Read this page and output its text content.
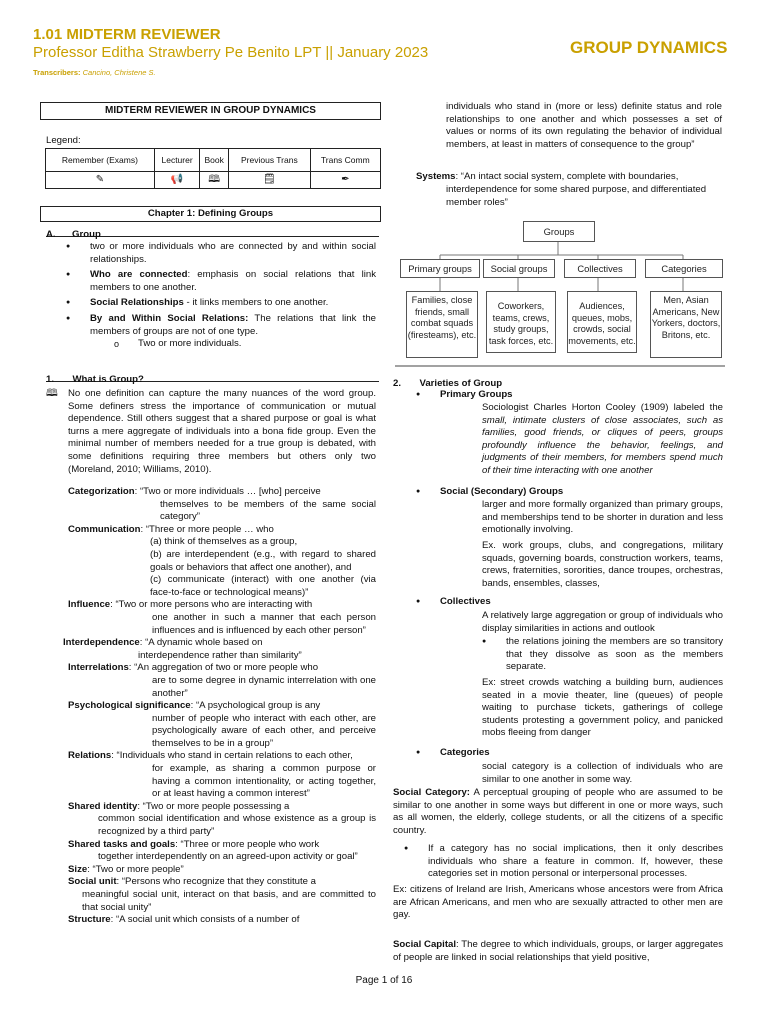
1.01 MIDTERM REVIEWER
Professor Editha Strawberry Pe Benito LPT || January 2023
Transcribers: Cancino, Christene S.
GROUP DYNAMICS
MIDTERM REVIEWER IN GROUP DYNAMICS
Legend:
Remember (Exams)	Lecturer	Book	Previous Trans	Trans Comm
✎	📢	🕮	🗒	✒
Chapter 1: Defining Groups
A. Group
● two or more individuals who are connected by and within social relationships.
● Who are connected: emphasis on social relations that link members to one another.
● Social Relationships - it links members to one another.
● By and Within Social Relations: The relations that link the members of groups are not of one type.
o Two or more individuals.
1. What is Group?
🕮 No one definition can capture the many nuances of the word group. Some definers stress the importance of communication or mutual dependence. Still others suggest that a shared purpose or goal is what turns a mere aggregate of individuals into a bona fide group. Even the minimal number of members needed for a true group is debated, with some definitions requiring three members but others only two (Moreland, 2010; Williams, 2010).
Categorization: “Two or more individuals … [who] perceive
themselves to be members of the same social category”
Communication: “Three or more people … who
(a) think of themselves as a group,
(b) are interdependent (e.g., with regard to shared goals or behaviors that affect one another), and
(c) communicate (interact) with one another (via face-to-face or technological means)”
Influence: “Two or more persons who are interacting with
one another in such a manner that each person influences and is influenced by each other person”
Interdependence: “A dynamic whole based on
interdependence rather than similarity”
Interrelations: “An aggregation of two or more people who
are to some degree in dynamic interrelation with one another”
Psychological significance: “A psychological group is any
number of people who interact with each other, are psychologically aware of each other, and perceive themselves to be in a group”
Relations: “Individuals who stand in certain relations to each other,
for example, as sharing a common purpose or having a common intentionality, or acting together, or at least having a common interest”
Shared identity: “Two or more people possessing a
common social identification and whose existence as a group is recognized by a third party”
Shared tasks and goals: “Three or more people who work
together interdependently on an agreed-upon activity or goal”
Size: “Two or more people”
Social unit: “Persons who recognize that they constitute a
meaningful social unit, interact on that basis, and are committed to that social unity”
Structure: “A social unit which consists of a number of
individuals who stand in (more or less) definite status and role relationships to one another and which possesses a set of values or norms of its own regulating the behavior of individual members, at least in matters of consequence to the group”
Systems: “An intact social system, complete with boundaries,
interdependence for some shared purpose, and differentiated member roles”
Groups
Primary groups	Social groups	Collectives	Categories
Families, close friends, small combat squads (firesteams), etc.
Coworkers, teams, crews, study groups, task forces, etc.
Audiences, queues, mobs, crowds, social movements, etc.
Men, Asian Americans, New Yorkers, doctors, Britons, etc.
2. Varieties of Group
● Primary Groups
Sociologist Charles Horton Cooley (1909) labeled the small, intimate clusters of close associates, such as families, good friends, or cliques of peers, groups profoundly influence the behavior, feelings, and judgments of their members, for members spend much of their time interacting with one another
● Social (Secondary) Groups
larger and more formally organized than primary groups, and memberships tend to be shorter in duration and less emotionally involving.
Ex. work groups, clubs, and congregations, military squads, governing boards, construction workers, teams, crews, fraternities, sororities, dance troupes, orchestras, bands, ensembles, classes,
● Collectives
A relatively large aggregation or group of individuals who display similarities in actions and outlook
● the relations joining the members are so transitory that they dissolve as soon as the members separate.
Ex: street crowds watching a building burn, audiences seated in a movie theater, line (queues) of people waiting to purchase tickets, gatherings of college students protesting a government policy, and panicked mobs fleeing from danger
● Categories
social category is a collection of individuals who are similar to one another in some way.
Social Category: A perceptual grouping of people who are assumed to be similar to one another in some ways but different in one or more ways, such as all women, the elderly, college students, or all the citizens of a specific country.
● If a category has no social implications, then it only describes individuals who share a feature in common. If, however, these categories set in motion personal or interpersonal processes.
Ex: citizens of Ireland are Irish, Americans whose ancestors were from Africa are African Americans, and men who are sexually attracted to other men are gay.
Social Capital: The degree to which individuals, groups, or larger aggregates of people are linked in social relationships that yield positive,
Page 1 of 16
